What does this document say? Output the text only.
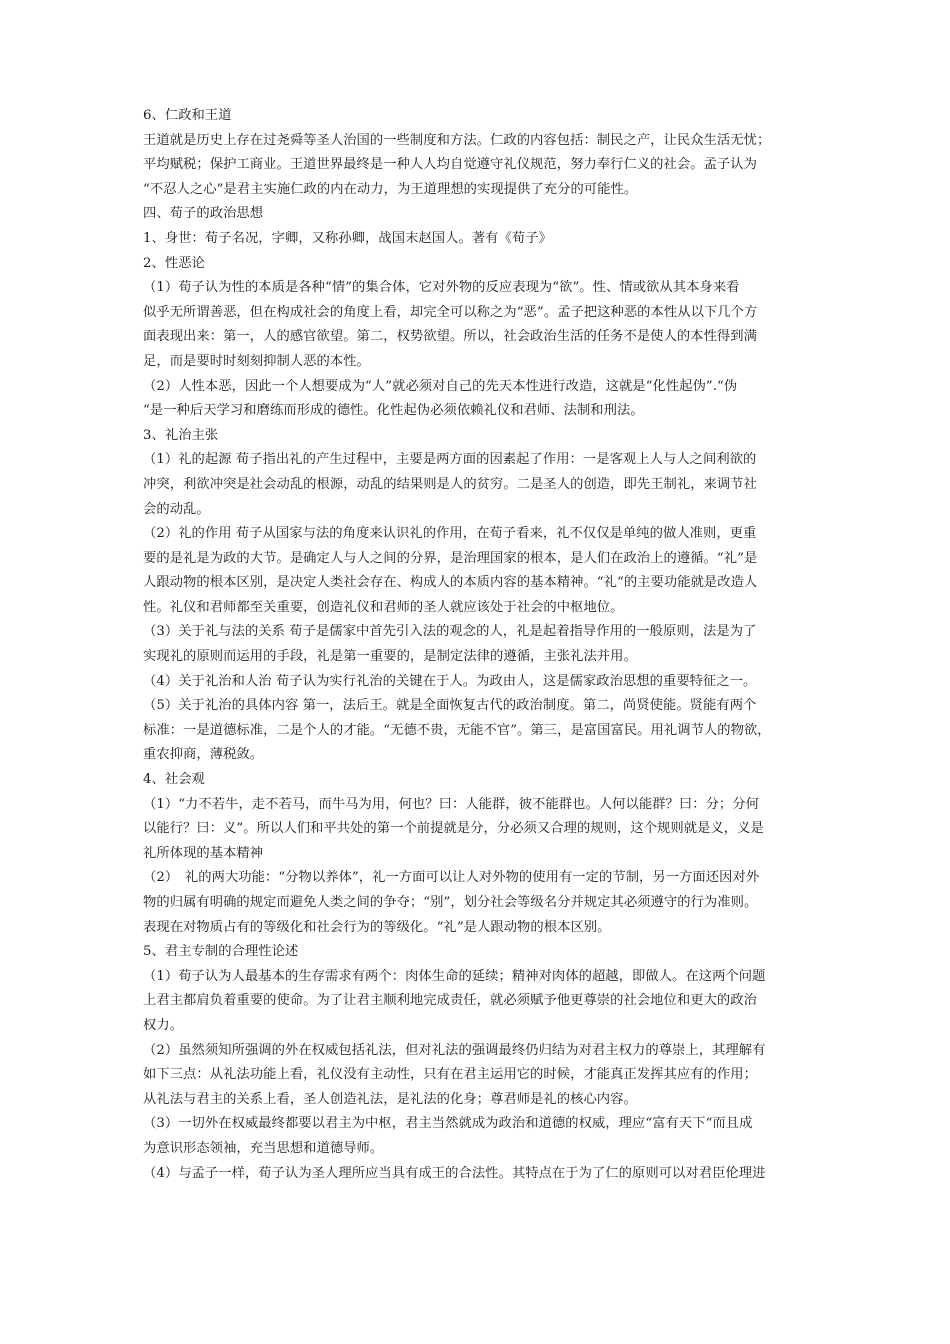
6、仁政和王道
王道就是历史上存在过尧舜等圣人治国的一些制度和方法。仁政的内容包括：制民之产，让民众生活无忧；
平均赋税；保护工商业。王道世界最终是一种人人均自觉遵守礼仪规范，努力奉行仁义的社会。孟子认为
“不忍人之心”是君主实施仁政的内在动力，为王道理想的实现提供了充分的可能性。
四、荀子的政治思想
1、身世：荀子名况，字卿，又称孙卿，战国末赵国人。著有《荀子》
2、性恶论
（1）荀子认为性的本质是各种“情”的集合体，它对外物的反应表现为“欲”。性、情或欲从其本身来看
似乎无所谓善恶，但在构成社会的角度上看，却完全可以称之为“恶”。孟子把这种恶的本性从以下几个方
面表现出来：第一，人的感官欲望。第二，权势欲望。所以，社会政治生活的任务不是使人的本性得到满
足，而是要时时刻刻抑制人恶的本性。
（2）人性本恶，因此一个人想要成为“人”就必须对自己的先天本性进行改造，这就是“化性起伪”.“伪
“是一种后天学习和磨练而形成的德性。化性起伪必须依赖礼仪和君师、法制和刑法。
3、礼治主张
（1）礼的起源 荀子指出礼的产生过程中，主要是两方面的因素起了作用：一是客观上人与人之间利欲的
冲突，利欲冲突是社会动乱的根源，动乱的结果则是人的贫穷。二是圣人的创造，即先王制礼，来调节社
会的动乱。
（2）礼的作用 荀子从国家与法的角度来认识礼的作用，在荀子看来，礼不仅仅是单纯的做人准则，更重
要的是礼是为政的大节。是确定人与人之间的分界，是治理国家的根本，是人们在政治上的遵循。“礼”是
人跟动物的根本区别，是决定人类社会存在、构成人的本质内容的基本精神。“礼“的主要功能就是改造人
性。礼仪和君师都至关重要，创造礼仪和君师的圣人就应该处于社会的中枢地位。
（3）关于礼与法的关系 荀子是儒家中首先引入法的观念的人，礼是起着指导作用的一般原则，法是为了
实现礼的原则而运用的手段，礼是第一重要的，是制定法律的遵循，主张礼法并用。
（4）关于礼治和人治 荀子认为实行礼治的关键在于人。为政由人，这是儒家政治思想的重要特征之一。
（5）关于礼治的具体内容 第一，法后王。就是全面恢复古代的政治制度。第二，尚贤使能。贤能有两个
标准：一是道德标准，二是个人的才能。“无德不贵，无能不官”。第三，是富国富民。用礼调节人的物欲，
重农抑商，薄税敛。
4、社会观
（1）“力不若牛，走不若马，而牛马为用，何也？曰：人能群，彼不能群也。人何以能群？曰：分；分何
以能行？曰：义”。所以人们和平共处的第一个前提就是分，分必须又合理的规则，这个规则就是义，义是
礼所体现的基本精神
（2）　礼的两大功能：“分物以养体”，礼一方面可以让人对外物的使用有一定的节制，另一方面还因对外
物的归属有明确的规定而避免人类之间的争夺；“别”，划分社会等级名分并规定其必须遵守的行为准则。
表现在对物质占有的等级化和社会行为的等级化。“礼”是人跟动物的根本区别。
5、君主专制的合理性论述
（1）荀子认为人最基本的生存需求有两个：肉体生命的延续；精神对肉体的超越，即做人。在这两个问题
上君主都肩负着重要的使命。为了让君主顺利地完成责任，就必须赋予他更尊崇的社会地位和更大的政治
权力。
（2）虽然须知所强调的外在权威包括礼法，但对礼法的强调最终仍归结为对君主权力的尊崇上，其理解有
如下三点：从礼法功能上看，礼仪没有主动性，只有在君主运用它的时候，才能真正发挥其应有的作用；
从礼法与君主的关系上看，圣人创造礼法，是礼法的化身；尊君师是礼的核心内容。
（3）一切外在权威最终都要以君主为中枢，君主当然就成为政治和道德的权威，理应“富有天下“而且成
为意识形态领袖，充当思想和道德导师。
（4）与孟子一样，荀子认为圣人理所应当具有成王的合法性。其特点在于为了仁的原则可以对君臣伦理进
